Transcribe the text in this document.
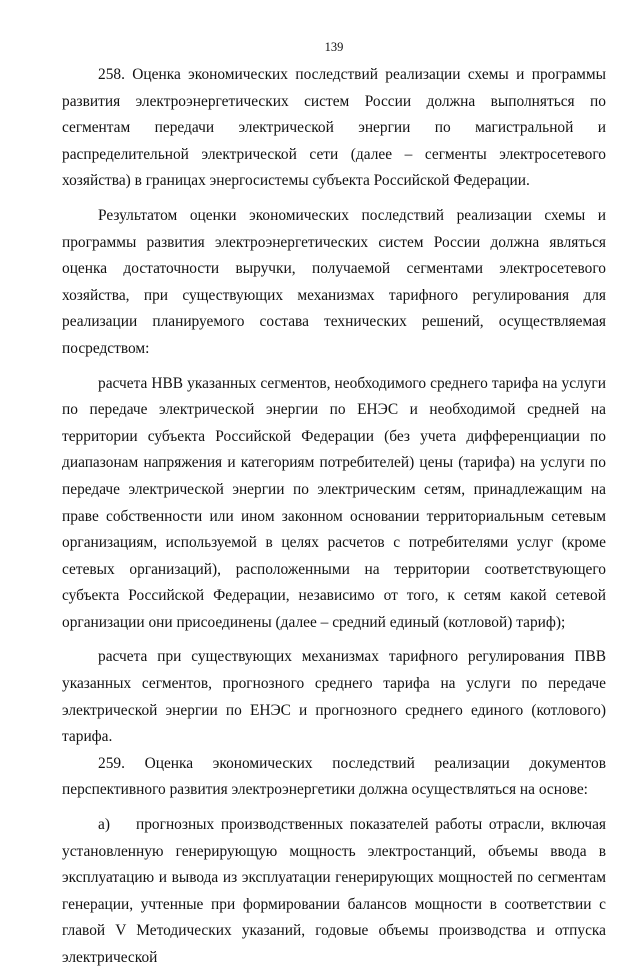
139

258. Оценка экономических последствий реализации схемы и программы развития электроэнергетических систем России должна выполняться по сегментам передачи электрической энергии по магистральной и распределительной электрической сети (далее – сегменты электросетевого хозяйства) в границах энергосистемы субъекта Российской Федерации.

Результатом оценки экономических последствий реализации схемы и программы развития электроэнергетических систем России должна являться оценка достаточности выручки, получаемой сегментами электросетевого хозяйства, при существующих механизмах тарифного регулирования для реализации планируемого состава технических решений, осуществляемая посредством:

расчета НВВ указанных сегментов, необходимого среднего тарифа на услуги по передаче электрической энергии по ЕНЭС и необходимой средней на территории субъекта Российской Федерации (без учета дифференциации по диапазонам напряжения и категориям потребителей) цены (тарифа) на услуги по передаче электрической энергии по электрическим сетям, принадлежащим на праве собственности или ином законном основании территориальным сетевым организациям, используемой в целях расчетов с потребителями услуг (кроме сетевых организаций), расположенными на территории соответствующего субъекта Российской Федерации, независимо от того, к сетям какой сетевой организации они присоединены (далее – средний единый (котловой) тариф);

расчета при существующих механизмах тарифного регулирования ПВВ указанных сегментов, прогнозного среднего тарифа на услуги по передаче электрической энергии по ЕНЭС и прогнозного среднего единого (котлового) тарифа.

259. Оценка экономических последствий реализации документов перспективного развития электроэнергетики должна осуществляться на основе:

а) прогнозных производственных показателей работы отрасли, включая установленную генерирующую мощность электростанций, объемы ввода в эксплуатацию и вывода из эксплуатации генерирующих мощностей по сегментам генерации, учтенные при формировании балансов мощности в соответствии с главой V Методических указаний, годовые объемы производства и отпуска электрической
